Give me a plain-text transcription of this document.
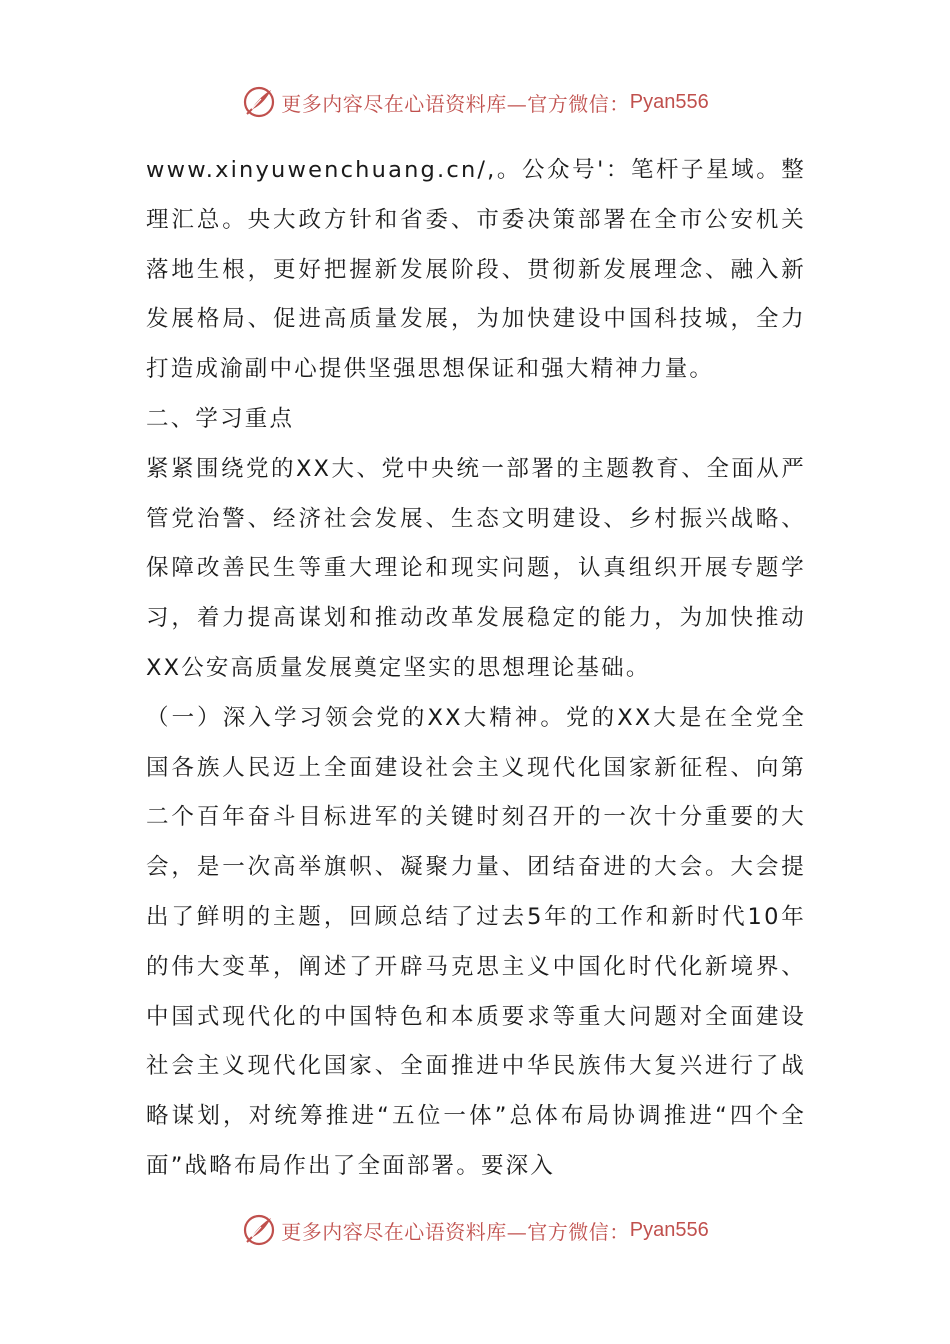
更多内容尽在心语资料库—官方微信： Pyan556

www.xinyuwenchuang.cn/,。公众号'：笔杆子星域。整理汇总。央大政方针和省委、市委决策部署在全市公安机关落地生根，更好把握新发展阶段、贯彻新发展理念、融入新发展格局、促进高质量发展，为加快建设中国科技城，全力打造成渝副中心提供坚强思想保证和强大精神力量。

二、学习重点

紧紧围绕党的XX大、党中央统一部署的主题教育、全面从严管党治警、经济社会发展、生态文明建设、乡村振兴战略、保障改善民生等重大理论和现实问题，认真组织开展专题学习，着力提高谋划和推动改革发展稳定的能力，为加快推动XX公安高质量发展奠定坚实的思想理论基础。

（一）深入学习领会党的XX大精神。党的XX大是在全党全国各族人民迈上全面建设社会主义现代化国家新征程、向第二个百年奋斗目标进军的关键时刻召开的一次十分重要的大会，是一次高举旗帜、凝聚力量、团结奋进的大会。大会提出了鲜明的主题，回顾总结了过去5年的工作和新时代10年的伟大变革，阐述了开辟马克思主义中国化时代化新境界、中国式现代化的中国特色和本质要求等重大问题对全面建设社会主义现代化国家、全面推进中华民族伟大复兴进行了战略谋划，对统筹推进“五位一体”总体布局协调推进“四个全面”战略布局作出了全面部署。要深入

更多内容尽在心语资料库—官方微信： Pyan556
